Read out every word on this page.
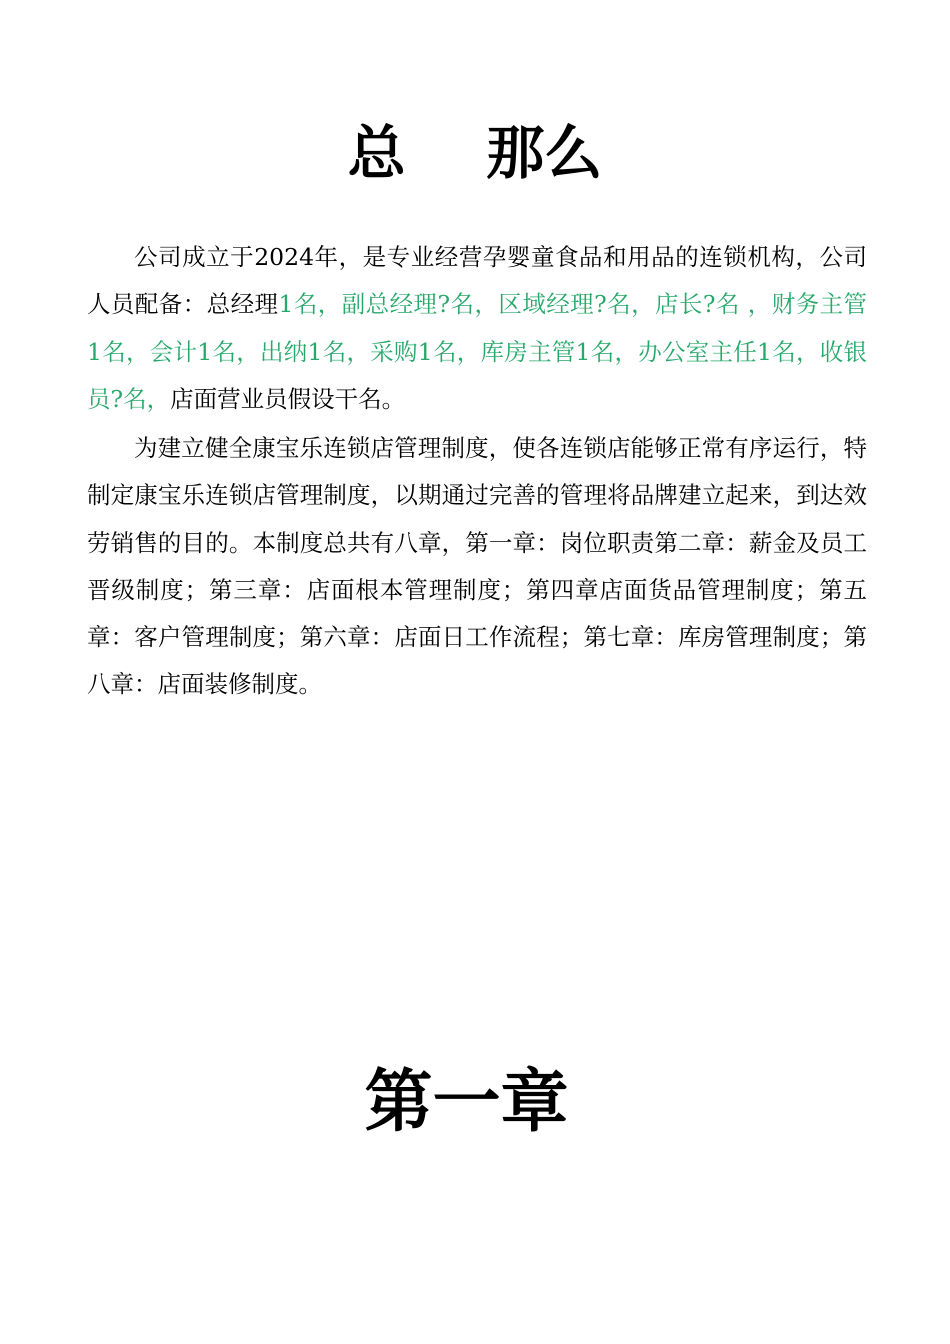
总    那么

公司成立于2024年，是专业经营孕婴童食品和用品的连锁机构，公司人员配备：总经理1名，副总经理?名，区域经理?名，店长?名 ，财务主管1名，会计1名，出纳1名，采购1名，库房主管1名，办公室主任1名，收银员?名，店面营业员假设干名。

为建立健全康宝乐连锁店管理制度，使各连锁店能够正常有序运行，特制定康宝乐连锁店管理制度，以期通过完善的管理将品牌建立起来，到达效劳销售的目的。本制度总共有八章，第一章：岗位职责第二章：薪金及员工晋级制度；第三章：店面根本管理制度；第四章店面货品管理制度；第五章：客户管理制度；第六章：店面日工作流程；第七章：库房管理制度；第八章：店面装修制度。

第一章
